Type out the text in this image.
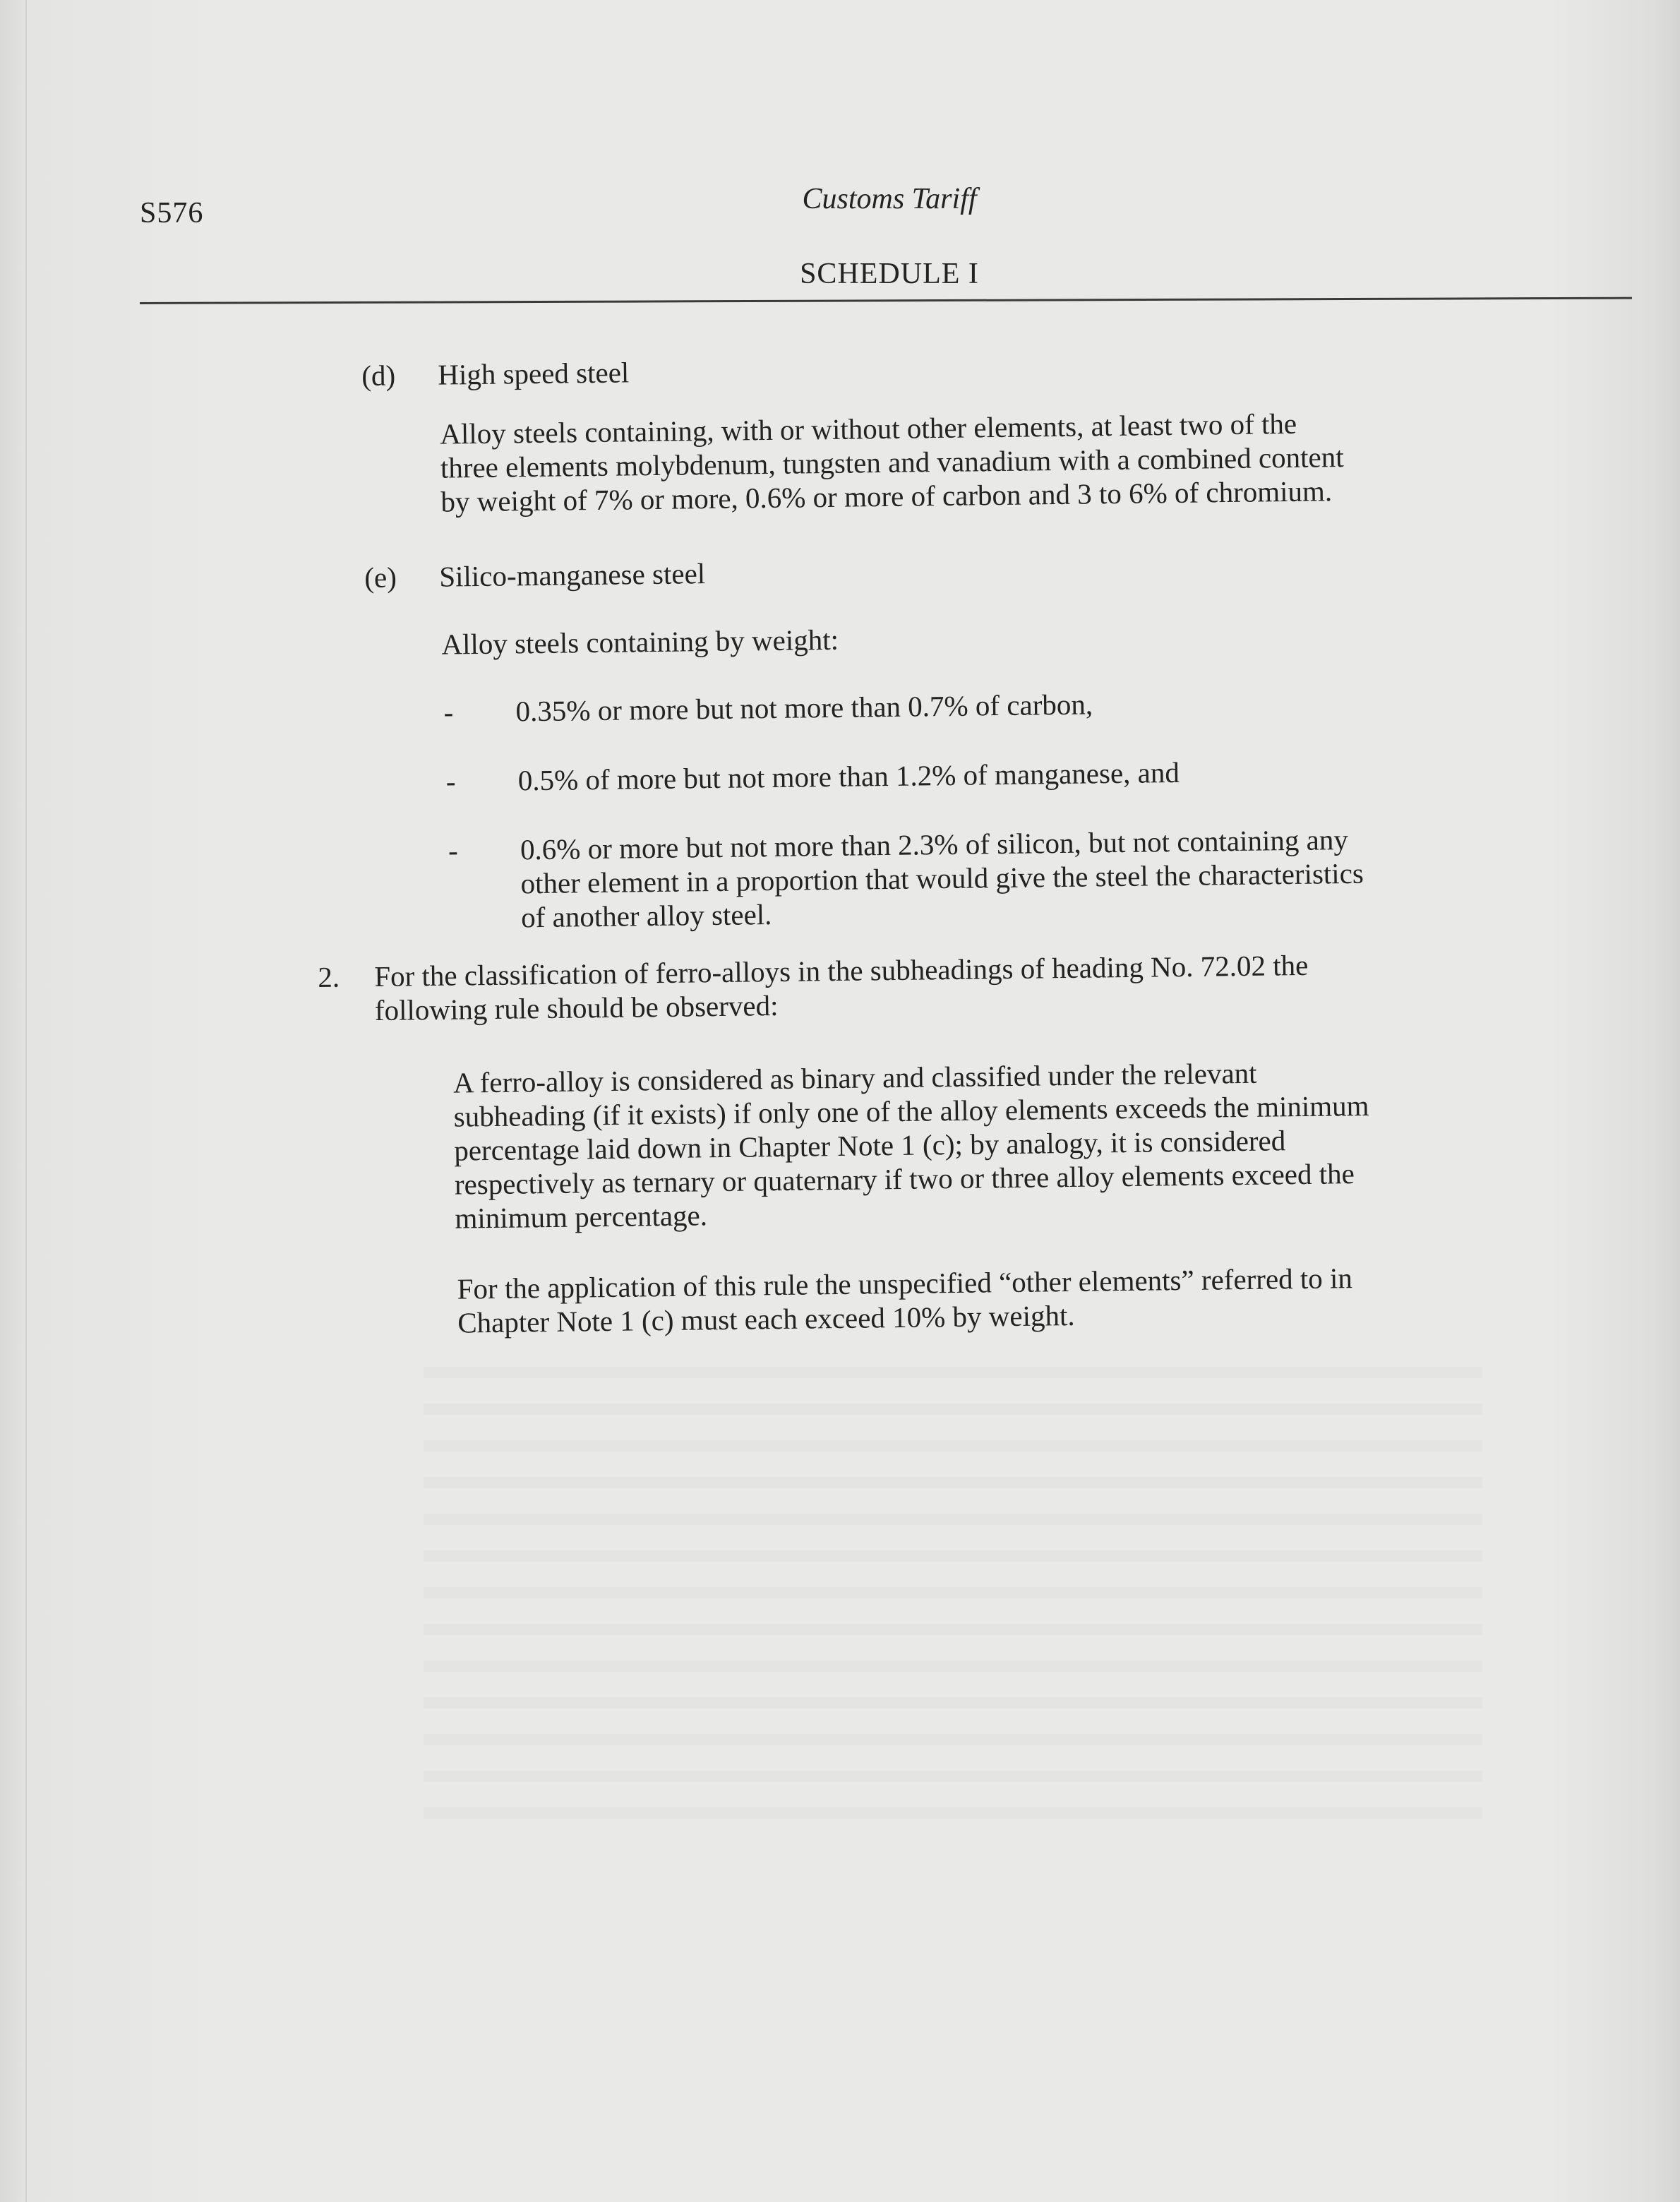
S576	Customs Tariff
SCHEDULE I
(d) High speed steel
Alloy steels containing, with or without other elements, at least two of the
three elements molybdenum, tungsten and vanadium with a combined content
by weight of 7% or more, 0.6% or more of carbon and 3 to 6% of chromium.
(e) Silico-manganese steel
Alloy steels containing by weight:
- 0.35% or more but not more than 0.7% of carbon,
- 0.5% of more but not more than 1.2% of manganese, and
- 0.6% or more but not more than 2.3% of silicon, but not containing any
other element in a proportion that would give the steel the characteristics
of another alloy steel.
2. For the classification of ferro-alloys in the subheadings of heading No. 72.02 the
following rule should be observed:
A ferro-alloy is considered as binary and classified under the relevant
subheading (if it exists) if only one of the alloy elements exceeds the minimum
percentage laid down in Chapter Note 1 (c); by analogy, it is considered
respectively as ternary or quaternary if two or three alloy elements exceed the
minimum percentage.
For the application of this rule the unspecified “other elements” referred to in
Chapter Note 1 (c) must each exceed 10% by weight.
